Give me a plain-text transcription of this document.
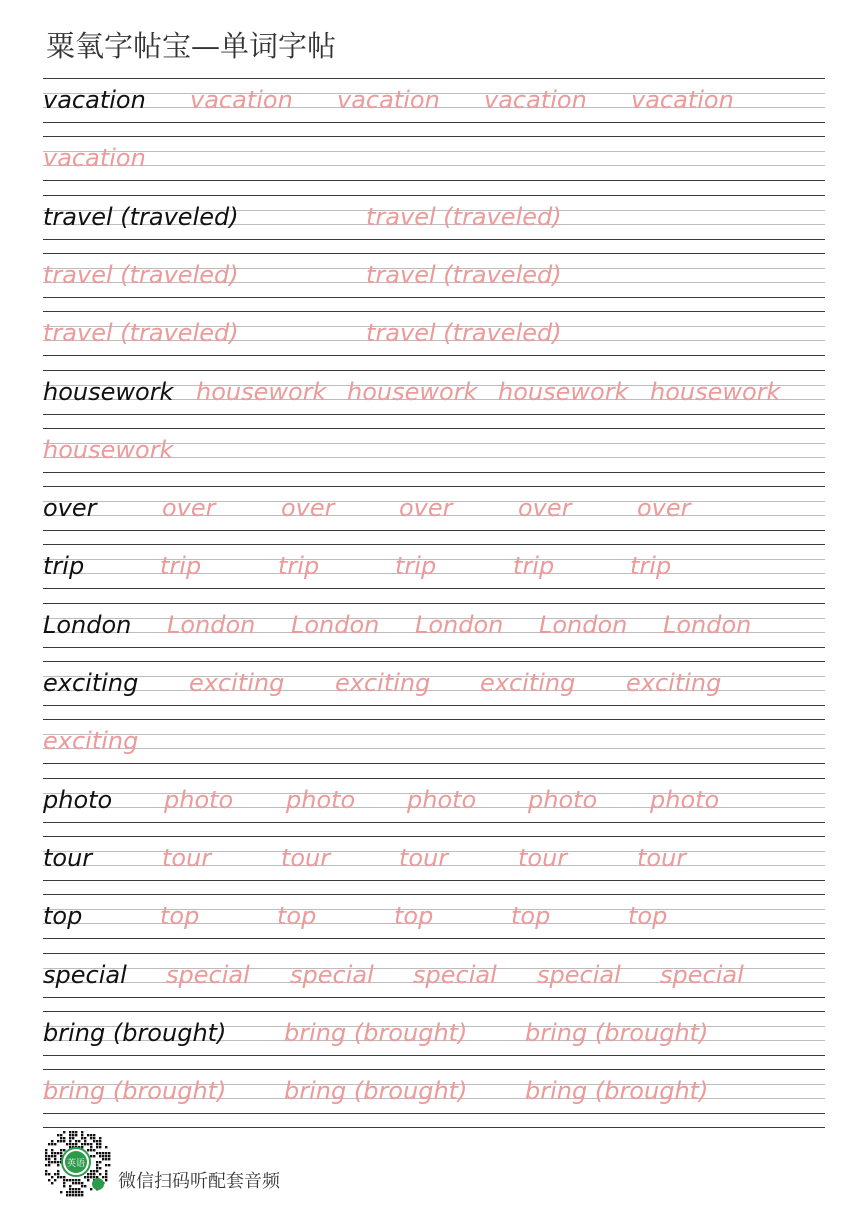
粟氧字帖宝—单词字帖
vacation vacation vacation vacation vacation
vacation
travel (traveled)	travel (traveled)
travel (traveled)	travel (traveled)
travel (traveled)	travel (traveled)
housework housework housework housework housework
housework
over	over	over	over	over	over
trip	trip	trip	trip	trip	trip
London London London London London London
exciting exciting exciting exciting exciting
exciting
photo photo photo photo photo photo
tour	tour	tour	tour	tour	tour
top	top	top	top	top	top
special special special special special special
bring (brought) bring (brought) bring (brought)
bring (brought) bring (brought) bring (brought)
英语
微信扫码听配套音频
